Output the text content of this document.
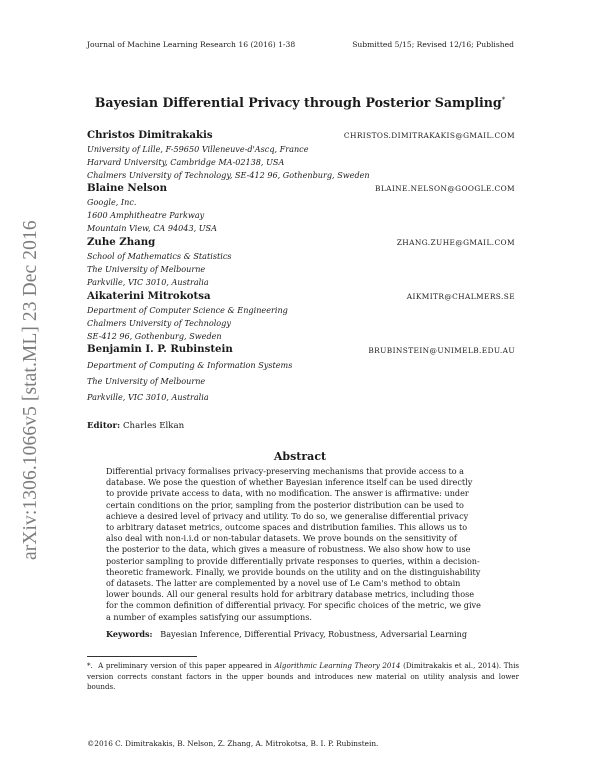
Journal of Machine Learning Research 16 (2016) 1-38	Submitted 5/15; Revised 12/16; Published
arXiv:1306.1066v5 [stat.ML] 23 Dec 2016
Bayesian Differential Privacy through Posterior Sampling*
Christos Dimitrakakis	CHRISTOS.DIMITRAKAKIS@GMAIL.COM
University of Lille, F-59650 Villeneuve-d'Ascq, France
Harvard University, Cambridge MA-02138, USA
Chalmers University of Technology, SE-412 96, Gothenburg, Sweden
Blaine Nelson	BLAINE.NELSON@GOOGLE.COM
Google, Inc.
1600 Amphitheatre Parkway
Mountain View, CA 94043, USA
Zuhe Zhang	ZHANG.ZUHE@GMAIL.COM
School of Mathematics & Statistics
The University of Melbourne
Parkville, VIC 3010, Australia
Aikaterini Mitrokotsa	AIKMITR@CHALMERS.SE
Department of Computer Science & Engineering
Chalmers University of Technology
SE-412 96, Gothenburg, Sweden
Benjamin I. P. Rubinstein	BRUBINSTEIN@UNIMELB.EDU.AU
Department of Computing & Information Systems
The University of Melbourne
Parkville, VIC 3010, Australia
Editor: Charles Elkan
Abstract
Differential privacy formalises privacy-preserving mechanisms that provide access to a
database. We pose the question of whether Bayesian inference itself can be used directly
to provide private access to data, with no modification. The answer is affirmative: under
certain conditions on the prior, sampling from the posterior distribution can be used to
achieve a desired level of privacy and utility. To do so, we generalise differential privacy
to arbitrary dataset metrics, outcome spaces and distribution families. This allows us to
also deal with non-i.i.d or non-tabular datasets. We prove bounds on the sensitivity of
the posterior to the data, which gives a measure of robustness. We also show how to use
posterior sampling to provide differentially private responses to queries, within a decision-
theoretic framework. Finally, we provide bounds on the utility and on the distinguishability
of datasets. The latter are complemented by a novel use of Le Cam's method to obtain
lower bounds. All our general results hold for arbitrary database metrics, including those
for the common definition of differential privacy. For specific choices of the metric, we give
a number of examples satisfying our assumptions.
Keywords: Bayesian Inference, Differential Privacy, Robustness, Adversarial Learning
*. A preliminary version of this paper appeared in Algorithmic Learning Theory 2014 (Dimitrakakis et al., 2014). This version corrects constant factors in the upper bounds and introduces new material on utility analysis and lower bounds.
©2016 C. Dimitrakakis, B. Nelson, Z. Zhang, A. Mitrokotsa, B. I. P. Rubinstein.
